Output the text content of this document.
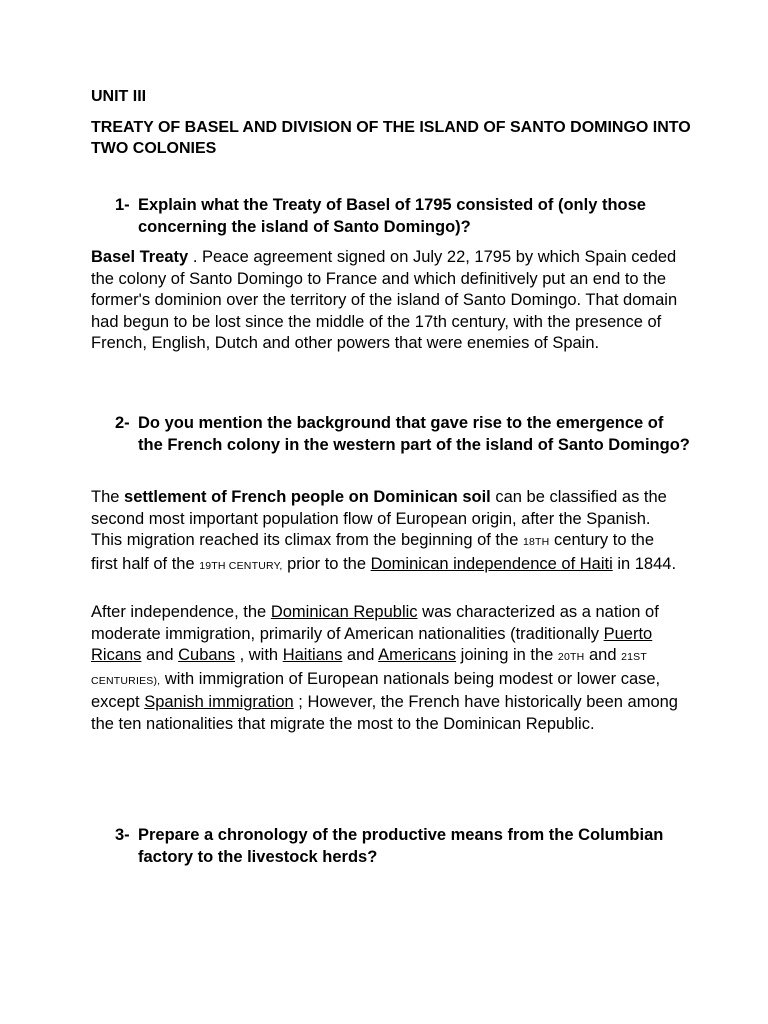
UNIT III

TREATY OF BASEL AND DIVISION OF THE ISLAND OF SANTO DOMINGO INTO TWO COLONIES

1- Explain what the Treaty of Basel of 1795 consisted of (only those concerning the island of Santo Domingo)?

Basel Treaty . Peace agreement signed on July 22, 1795 by which Spain ceded the colony of Santo Domingo to France and which definitively put an end to the former's dominion over the territory of the island of Santo Domingo. That domain had begun to be lost since the middle of the 17th century, with the presence of French, English, Dutch and other powers that were enemies of Spain.

2- Do you mention the background that gave rise to the emergence of the French colony in the western part of the island of Santo Domingo?

The settlement of French people on Dominican soil can be classified as the second most important population flow of European origin, after the Spanish. This migration reached its climax from the beginning of the 18TH century to the first half of the 19TH CENTURY, prior to the Dominican independence of Haiti in 1844.

After independence, the Dominican Republic was characterized as a nation of moderate immigration, primarily of American nationalities (traditionally Puerto Ricans and Cubans , with Haitians and Americans joining in the 20TH and 21ST CENTURIES), with immigration of European nationals being modest or lower case, except Spanish immigration ; However, the French have historically been among the ten nationalities that migrate the most to the Dominican Republic.

3- Prepare a chronology of the productive means from the Columbian factory to the livestock herds?
